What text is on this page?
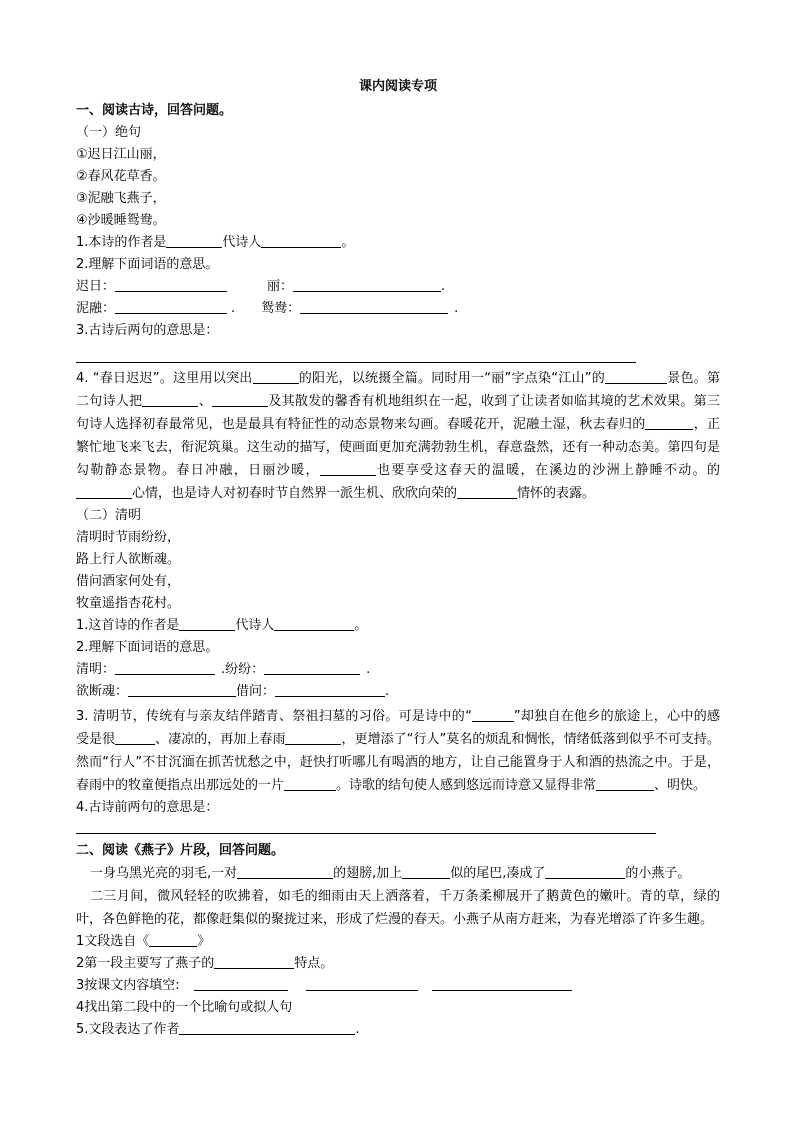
课内阅读专项
一、阅读古诗，回答问题。
（一）绝句
①迟日江山丽，
②春风花草香。
③泥融飞燕子，
④沙暖睡鸳鸯。
1.本诗的作者是	代诗人	。
2.理解下面词语的意思。
迟日：	丽：	.
泥融：	. 鸳鸯：	.
3.古诗后两句的意思是：
4. “春日迟迟”。这里用以突出	的阳光，以统摄全篇。同时用一“丽”字点染“江山”的	景色。第二句诗人把	、	及其散发的馨香有机地组织在一起，收到了让读者如临其境的艺术效果。第三句诗人选择初春最常见，也是最具有特征性的动态景物来勾画。春暖花开，泥融土湿，秋去春归的	，正繁忙地飞来飞去，衔泥筑巢。这生动的描写，使画面更加充满勃勃生机，春意盎然，还有一种动态美。第四句是勾勒静态景物。春日冲融，日丽沙暖，	也要享受这春天的温暖，在溪边的沙洲上静睡不动。的心情，也是诗人对初春时节自然界一派生机、欣欣向荣的	情怀的表露。
（二）清明
清明时节雨纷纷，
路上行人欲断魂。
借问酒家何处有，
牧童遥指杏花村。
1.这首诗的作者是	代诗人	。
2.理解下面词语的意思。
清明：	.纷纷：	.
欲断魂：	借问：	.
3. 清明节，传统有与亲友结伴踏青、祭祖扫墓的习俗。可是诗中的“	”却独自在他乡的旅途上，心中的感受是很	、凄凉的，再加上春雨	，更增添了“行人”莫名的烦乱和惆怅，情绪低落到似乎不可支持。然而“行人”不甘沉湎在抓苦忧愁之中，赶快打听哪儿有喝酒的地方，让自己能置身于人和酒的热流之中。于是，春雨中的牧童便指点出那远处的一片	。诗歌的结句使人感到悠远而诗意又显得非常	、明快。
4.古诗前两句的意思是：
二、阅读《燕子》片段，回答问题。
一身乌黑光亮的羽毛,一对	的翅膀,加上	似的尾巴,凑成了	的小燕子。
二三月间，微风轻轻的吹拂着，如毛的细雨由天上洒落着，千万条柔柳展开了鹅黄色的嫩叶。青的草，绿的叶，各色鲜艳的花，都像赶集似的聚拢过来，形成了烂漫的春天。小燕子从南方赶来，为春光增添了许多生趣。
1文段选自《	》
2第一段主要写了燕子的	特点。
3按课文内容填空:
4找出第二段中的一个比喻句或拟人句
5.文段表达了作者	.
